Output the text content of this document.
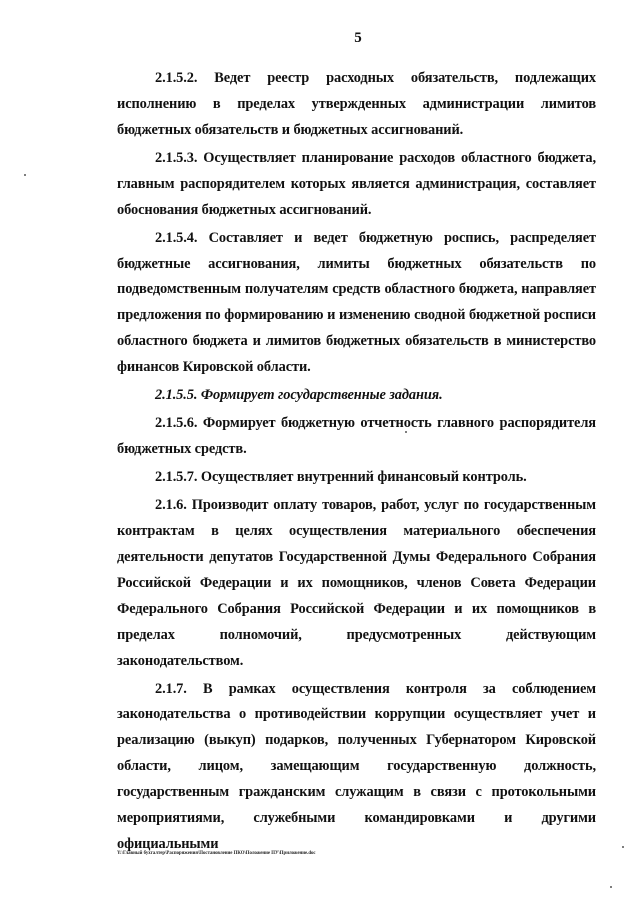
5

2.1.5.2. Ведет реестр расходных обязательств, подлежащих исполнению в пределах утвержденных администрации лимитов бюджетных обязательств и бюджетных ассигнований.

2.1.5.3. Осуществляет планирование расходов областного бюджета, главным распорядителем которых является администрация, составляет обоснования бюджетных ассигнований.

2.1.5.4. Составляет и ведет бюджетную роспись, распределяет бюджетные ассигнования, лимиты бюджетных обязательств по подведомственным получателям средств областного бюджета, направляет предложения по формированию и изменению сводной бюджетной росписи областного бюджета и лимитов бюджетных обязательств в министерство финансов Кировской области.

2.1.5.5. Формирует государственные задания.

2.1.5.6. Формирует бюджетную отчетность главного распорядителя бюджетных средств.

2.1.5.7. Осуществляет внутренний финансовый контроль.

2.1.6. Производит оплату товаров, работ, услуг по государственным контрактам в целях осуществления материального обеспечения деятельности депутатов Государственной Думы Федерального Собрания Российской Федерации и их помощников, членов Совета Федерации Федерального Собрания Российской Федерации и их помощников в пределах полномочий, предусмотренных действующим законодательством.

2.1.7. В рамках осуществления контроля за соблюдением законодательства о противодействии коррупции осуществляет учет и реализацию (выкуп) подарков, полученных Губернатором Кировской области, лицом, замещающим государственную должность, государственным гражданским служащим в связи с протокольными мероприятиями, служебными командировками и другими официальными

Y:\Главный бухгалтер\Распоряжения\Постановление ПКО\Положение ПУ\Приложение.doc
